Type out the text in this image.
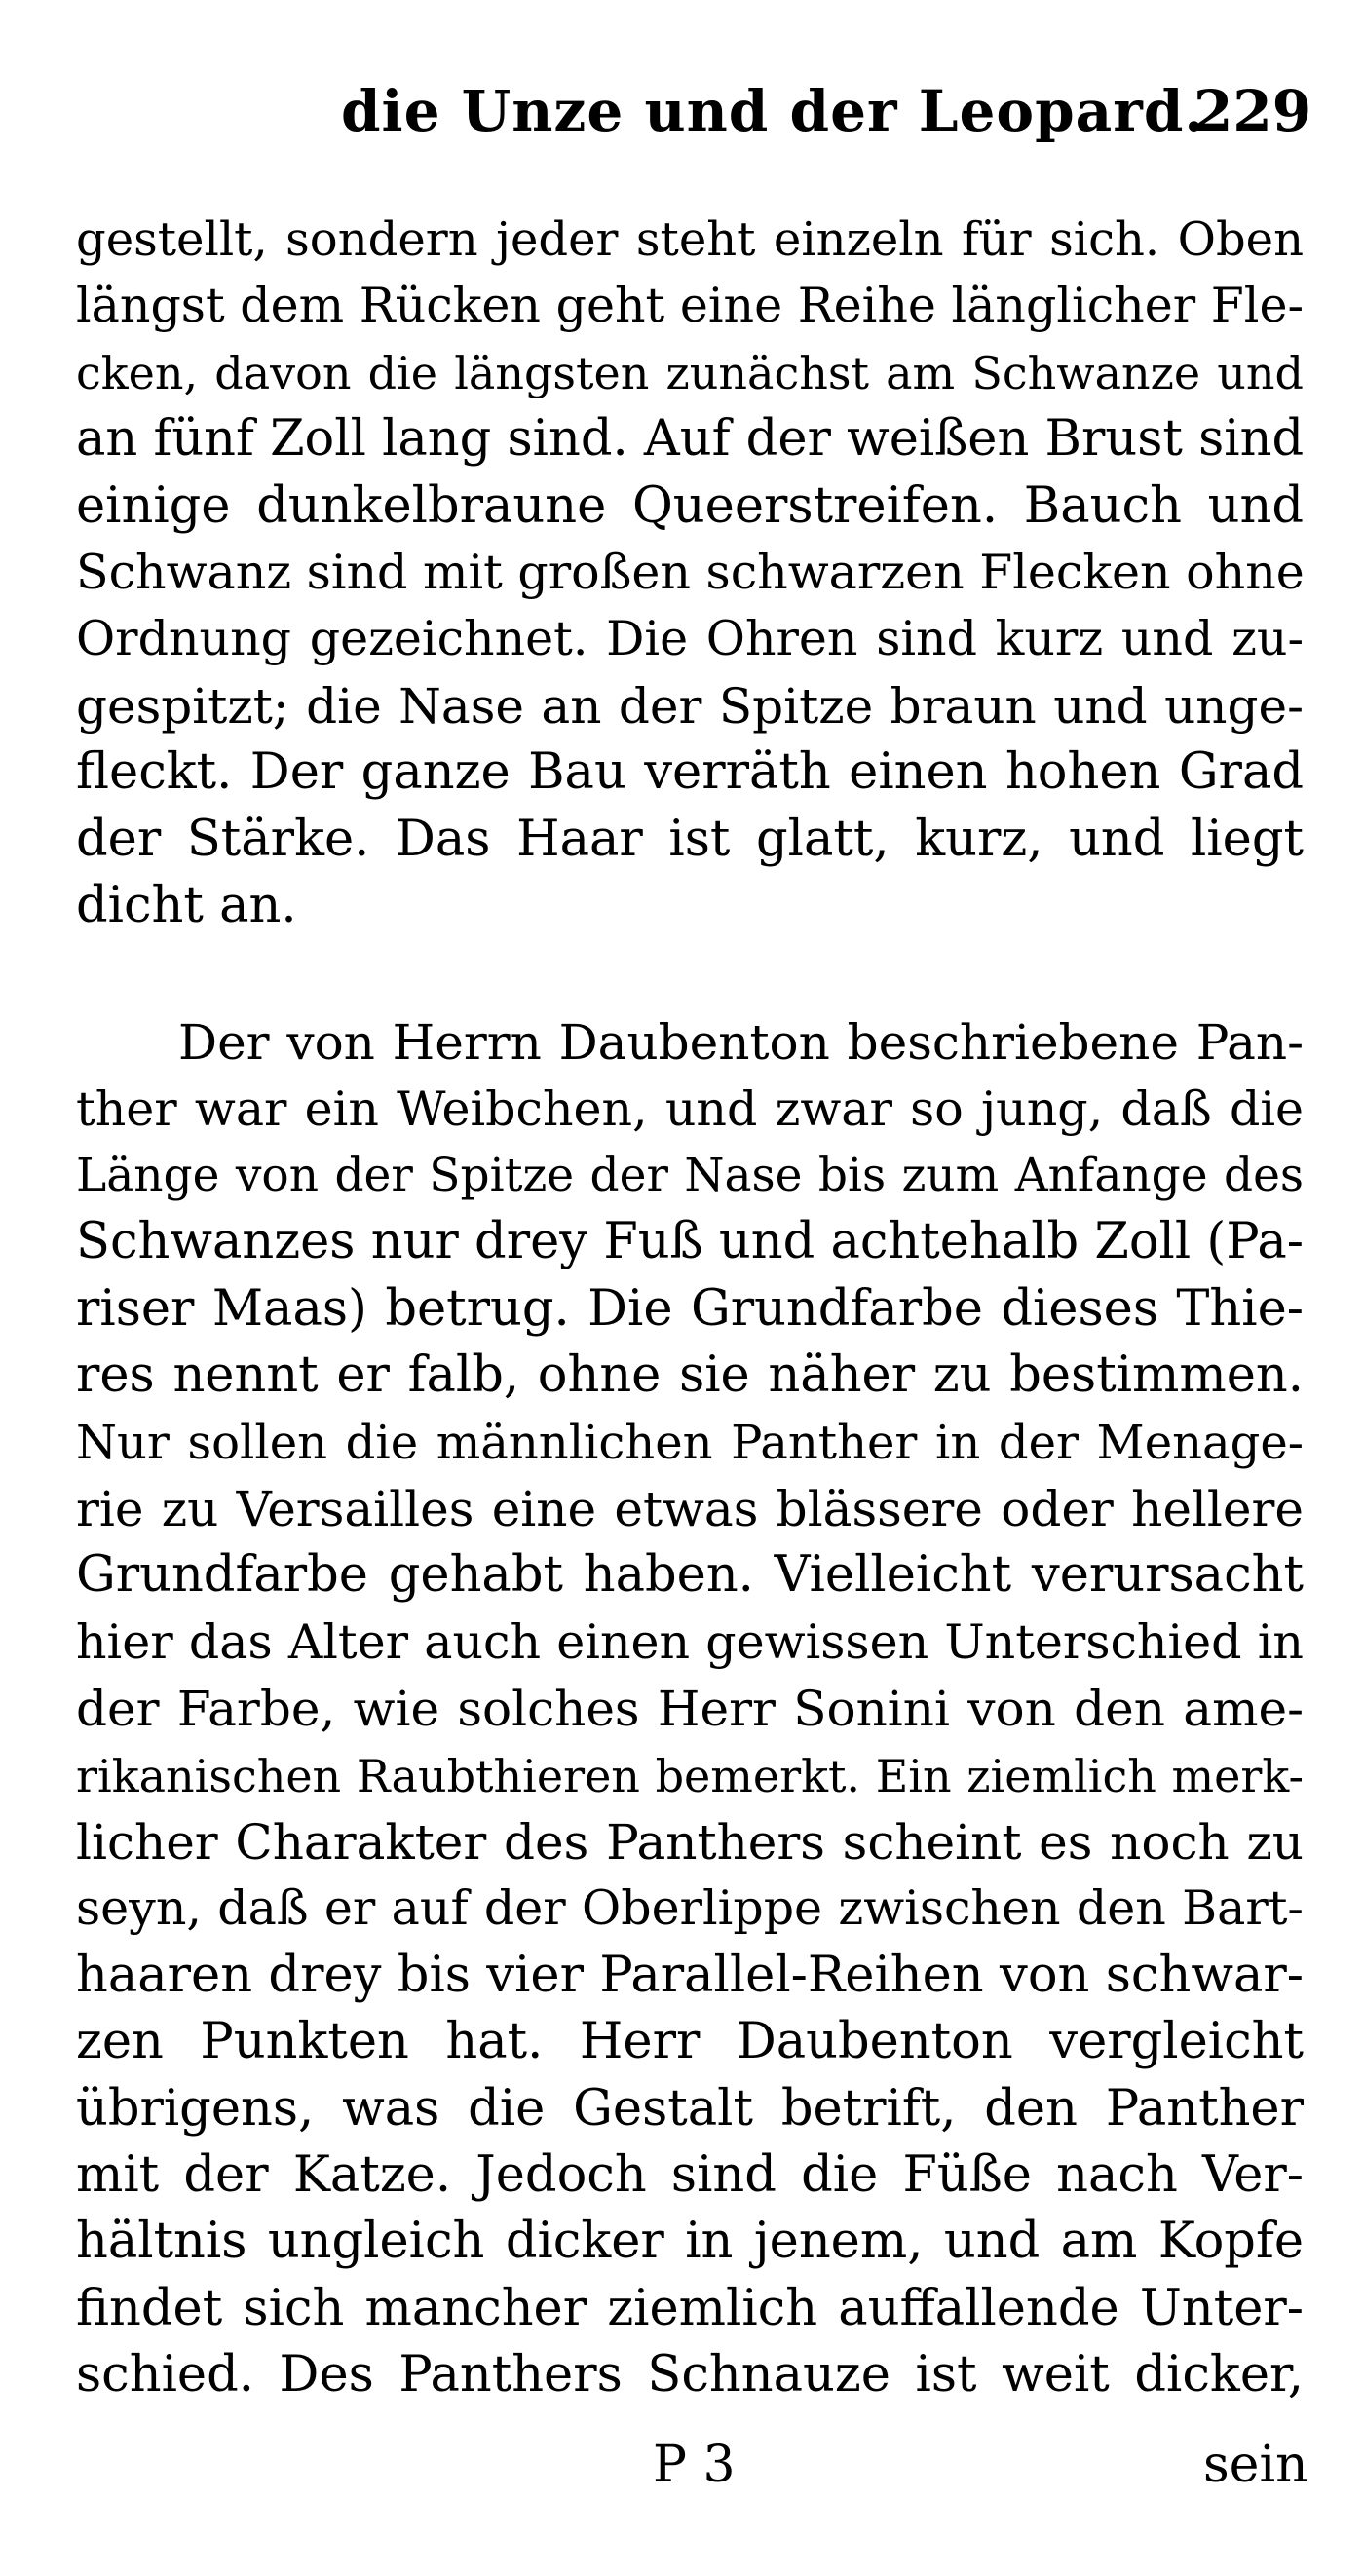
die Unze und der Leopard.
229
gestellt, sondern jeder steht einzeln für sich. Oben
längst dem Rücken geht eine Reihe länglicher Fle-
cken, davon die längsten zunächst am Schwanze und
an fünf Zoll lang sind. Auf der weißen Brust sind
einige dunkelbraune Queerstreifen. Bauch und
Schwanz sind mit großen schwarzen Flecken ohne
Ordnung gezeichnet. Die Ohren sind kurz und zu-
gespitzt; die Nase an der Spitze braun und unge-
fleckt. Der ganze Bau verräth einen hohen Grad
der Stärke. Das Haar ist glatt, kurz, und liegt
dicht an.
Der von Herrn Daubenton beschriebene Pan-
ther war ein Weibchen, und zwar so jung, daß die
Länge von der Spitze der Nase bis zum Anfange des
Schwanzes nur drey Fuß und achtehalb Zoll (Pa-
riser Maas) betrug. Die Grundfarbe dieses Thie-
res nennt er falb, ohne sie näher zu bestimmen.
Nur sollen die männlichen Panther in der Menage-
rie zu Versailles eine etwas blässere oder hellere
Grundfarbe gehabt haben. Vielleicht verursacht
hier das Alter auch einen gewissen Unterschied in
der Farbe, wie solches Herr Sonini von den ame-
rikanischen Raubthieren bemerkt. Ein ziemlich merk-
licher Charakter des Panthers scheint es noch zu
seyn, daß er auf der Oberlippe zwischen den Bart-
haaren drey bis vier Parallel-Reihen von schwar-
zen Punkten hat. Herr Daubenton vergleicht
übrigens, was die Gestalt betrift, den Panther
mit der Katze. Jedoch sind die Füße nach Ver-
hältnis ungleich dicker in jenem, und am Kopfe
findet sich mancher ziemlich auffallende Unter-
schied. Des Panthers Schnauze ist weit dicker,
P 3	sein
